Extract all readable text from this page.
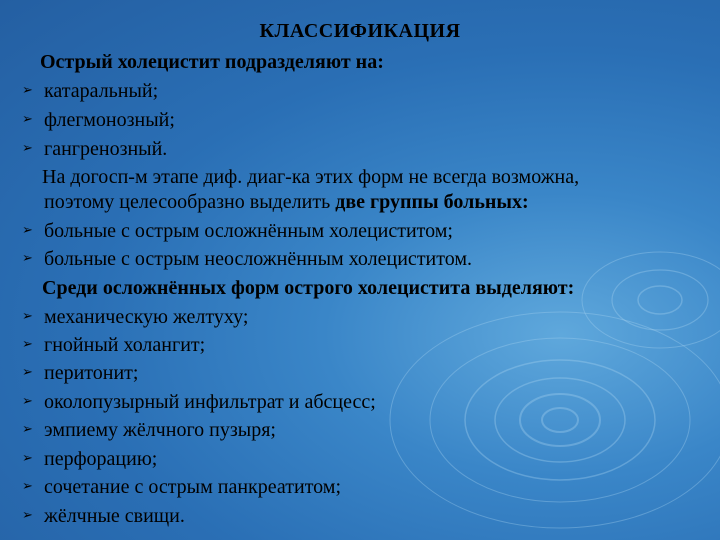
КЛАССИФИКАЦИЯ
Острый холецистит подразделяют на:
➢ катаральный;
➢ флегмонозный;
➢ гангренозный.
На догосп-м этапе диф. диаг-ка этих форм не всегда возможна,
поэтому целесообразно выделить две группы больных:
➢ больные с острым осложнённым холециститом;
➢ больные с острым неосложнённым холециститом.
Среди осложнённых форм острого холецистита выделяют:
➢ механическую желтуху;
➢ гнойный холангит;
➢ перитонит;
➢ околопузырный инфильтрат и абсцесс;
➢ эмпиему жёлчного пузыря;
➢ перфорацию;
➢ сочетание с острым панкреатитом;
➢ жёлчные свищи.
